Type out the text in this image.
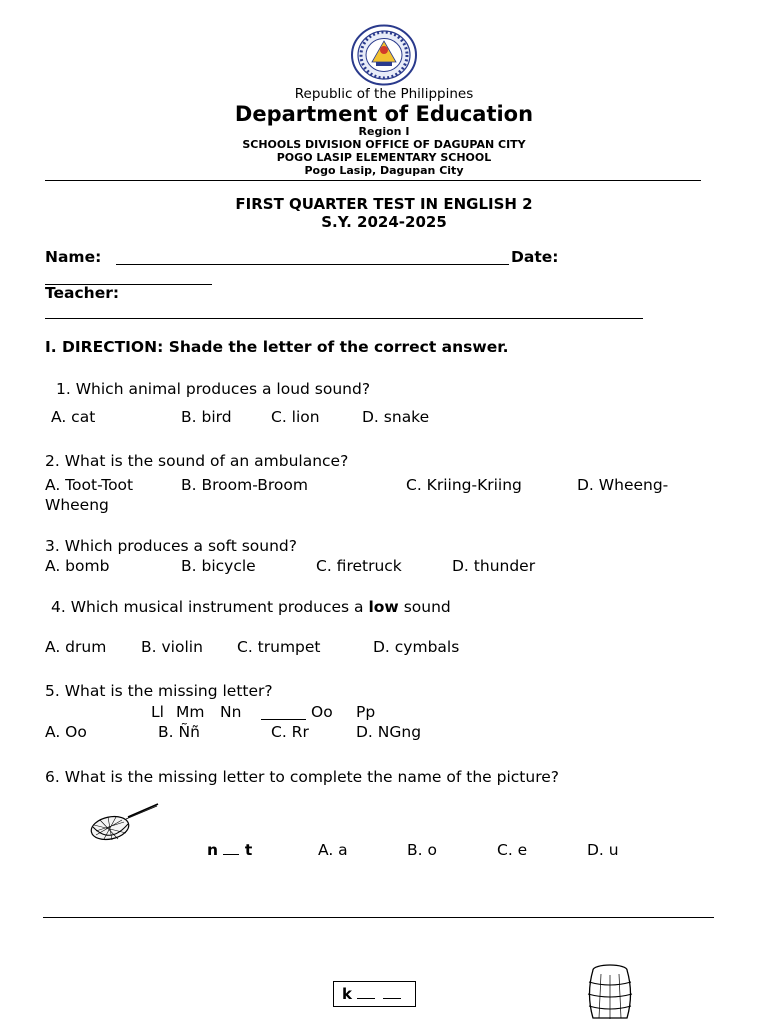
Republic of the Philippines
Department of Education
Region I
SCHOOLS DIVISION OFFICE OF DAGUPAN CITY
POGO LASIP ELEMENTARY SCHOOL
Pogo Lasip, Dagupan City
FIRST QUARTER TEST IN ENGLISH 2
S.Y. 2024-2025
Name:	Date:
Teacher:
I. DIRECTION: Shade the letter of the correct answer.
1. Which animal produces a loud sound?
A. cat	B. bird	C. lion	D. snake
2. What is the sound of an ambulance?
A. Toot-Toot	B. Broom-Broom	C. Kriing-Kriing	D. Wheeng-
Wheeng
3. Which produces a soft sound?
A. bomb	B. bicycle	C. firetruck	D. thunder
4. Which musical instrument produces a low sound
A. drum B. violin C. trumpet	D. cymbals
5. What is the missing letter?
Ll Mm Nn	Oo Pp
A. Oo	B. Ññ	C. Rr	D. NGng
6. What is the missing letter to complete the name of the picture?
n t	A. a	B. o	C. e	D. u
k
